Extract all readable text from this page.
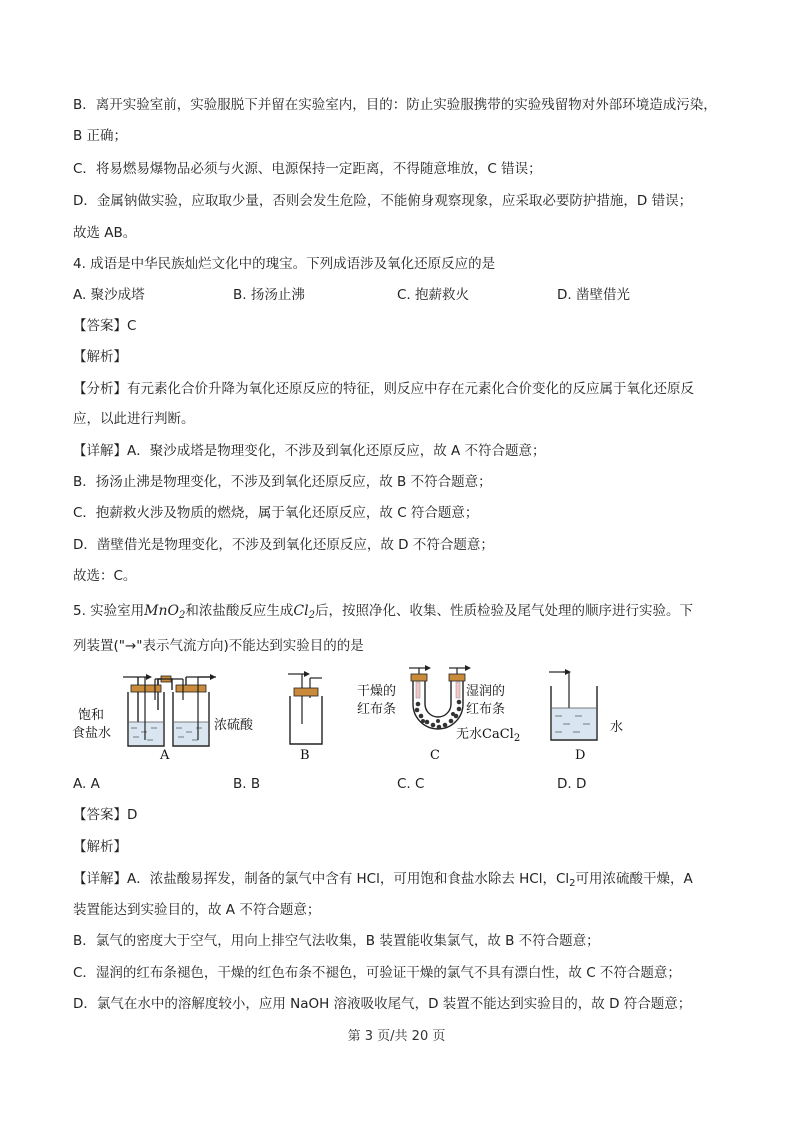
B．离开实验室前，实验服脱下并留在实验室内，目的：防止实验服携带的实验残留物对外部环境造成污染，
B 正确；
C．将易燃易爆物品必须与火源、电源保持一定距离，不得随意堆放，C 错误；
D．金属钠做实验，应取取少量，否则会发生危险，不能俯身观察现象，应采取必要防护措施，D 错误；
故选 AB。
4. 成语是中华民族灿烂文化中的瑰宝。下列成语涉及氧化还原反应的是
A. 聚沙成塔	B. 扬汤止沸	C. 抱薪救火	D. 凿壁借光
【答案】C
【解析】
【分析】有元素化合价升降为氧化还原反应的特征，则反应中存在元素化合价变化的反应属于氧化还原反
应，以此进行判断。
【详解】A．聚沙成塔是物理变化，不涉及到氧化还原反应，故 A 不符合题意；
B．扬汤止沸是物理变化，不涉及到氧化还原反应，故 B 不符合题意；
C．抱薪救火涉及物质的燃烧，属于氧化还原反应，故 C 符合题意；
D．凿壁借光是物理变化，不涉及到氧化还原反应，故 D 不符合题意；
故选：C。
5. 实验室用MnO$_2$和浓盐酸反应生成$Cl_2$后，按照净化、收集、性质检验及尾气处理的顺序进行实验。下
列装置("→"表示气流方向)不能达到实验目的的是
饱和
食盐水
浓硫酸
A	B
干燥的
红布条
湿润的
红布条
无水CaCl$_2$
C
水
D
A. A	B. B	C. C	D. D
【答案】D
【解析】
【详解】A．浓盐酸易挥发，制备的氯气中含有 HCl，可用饱和食盐水除去 HCl，$Cl_2$可用浓硫酸干燥，A
装置能达到实验目的，故 A 不符合题意；
B．氯气的密度大于空气，用向上排空气法收集，B 装置能收集氯气，故 B 不符合题意；
C．湿润的红布条褪色，干燥的红色布条不褪色，可验证干燥的氯气不具有漂白性，故 C 不符合题意；
D．氯气在水中的溶解度较小，应用 NaOH 溶液吸收尾气，D 装置不能达到实验目的，故 D 符合题意；
第 3 页/共 20 页
